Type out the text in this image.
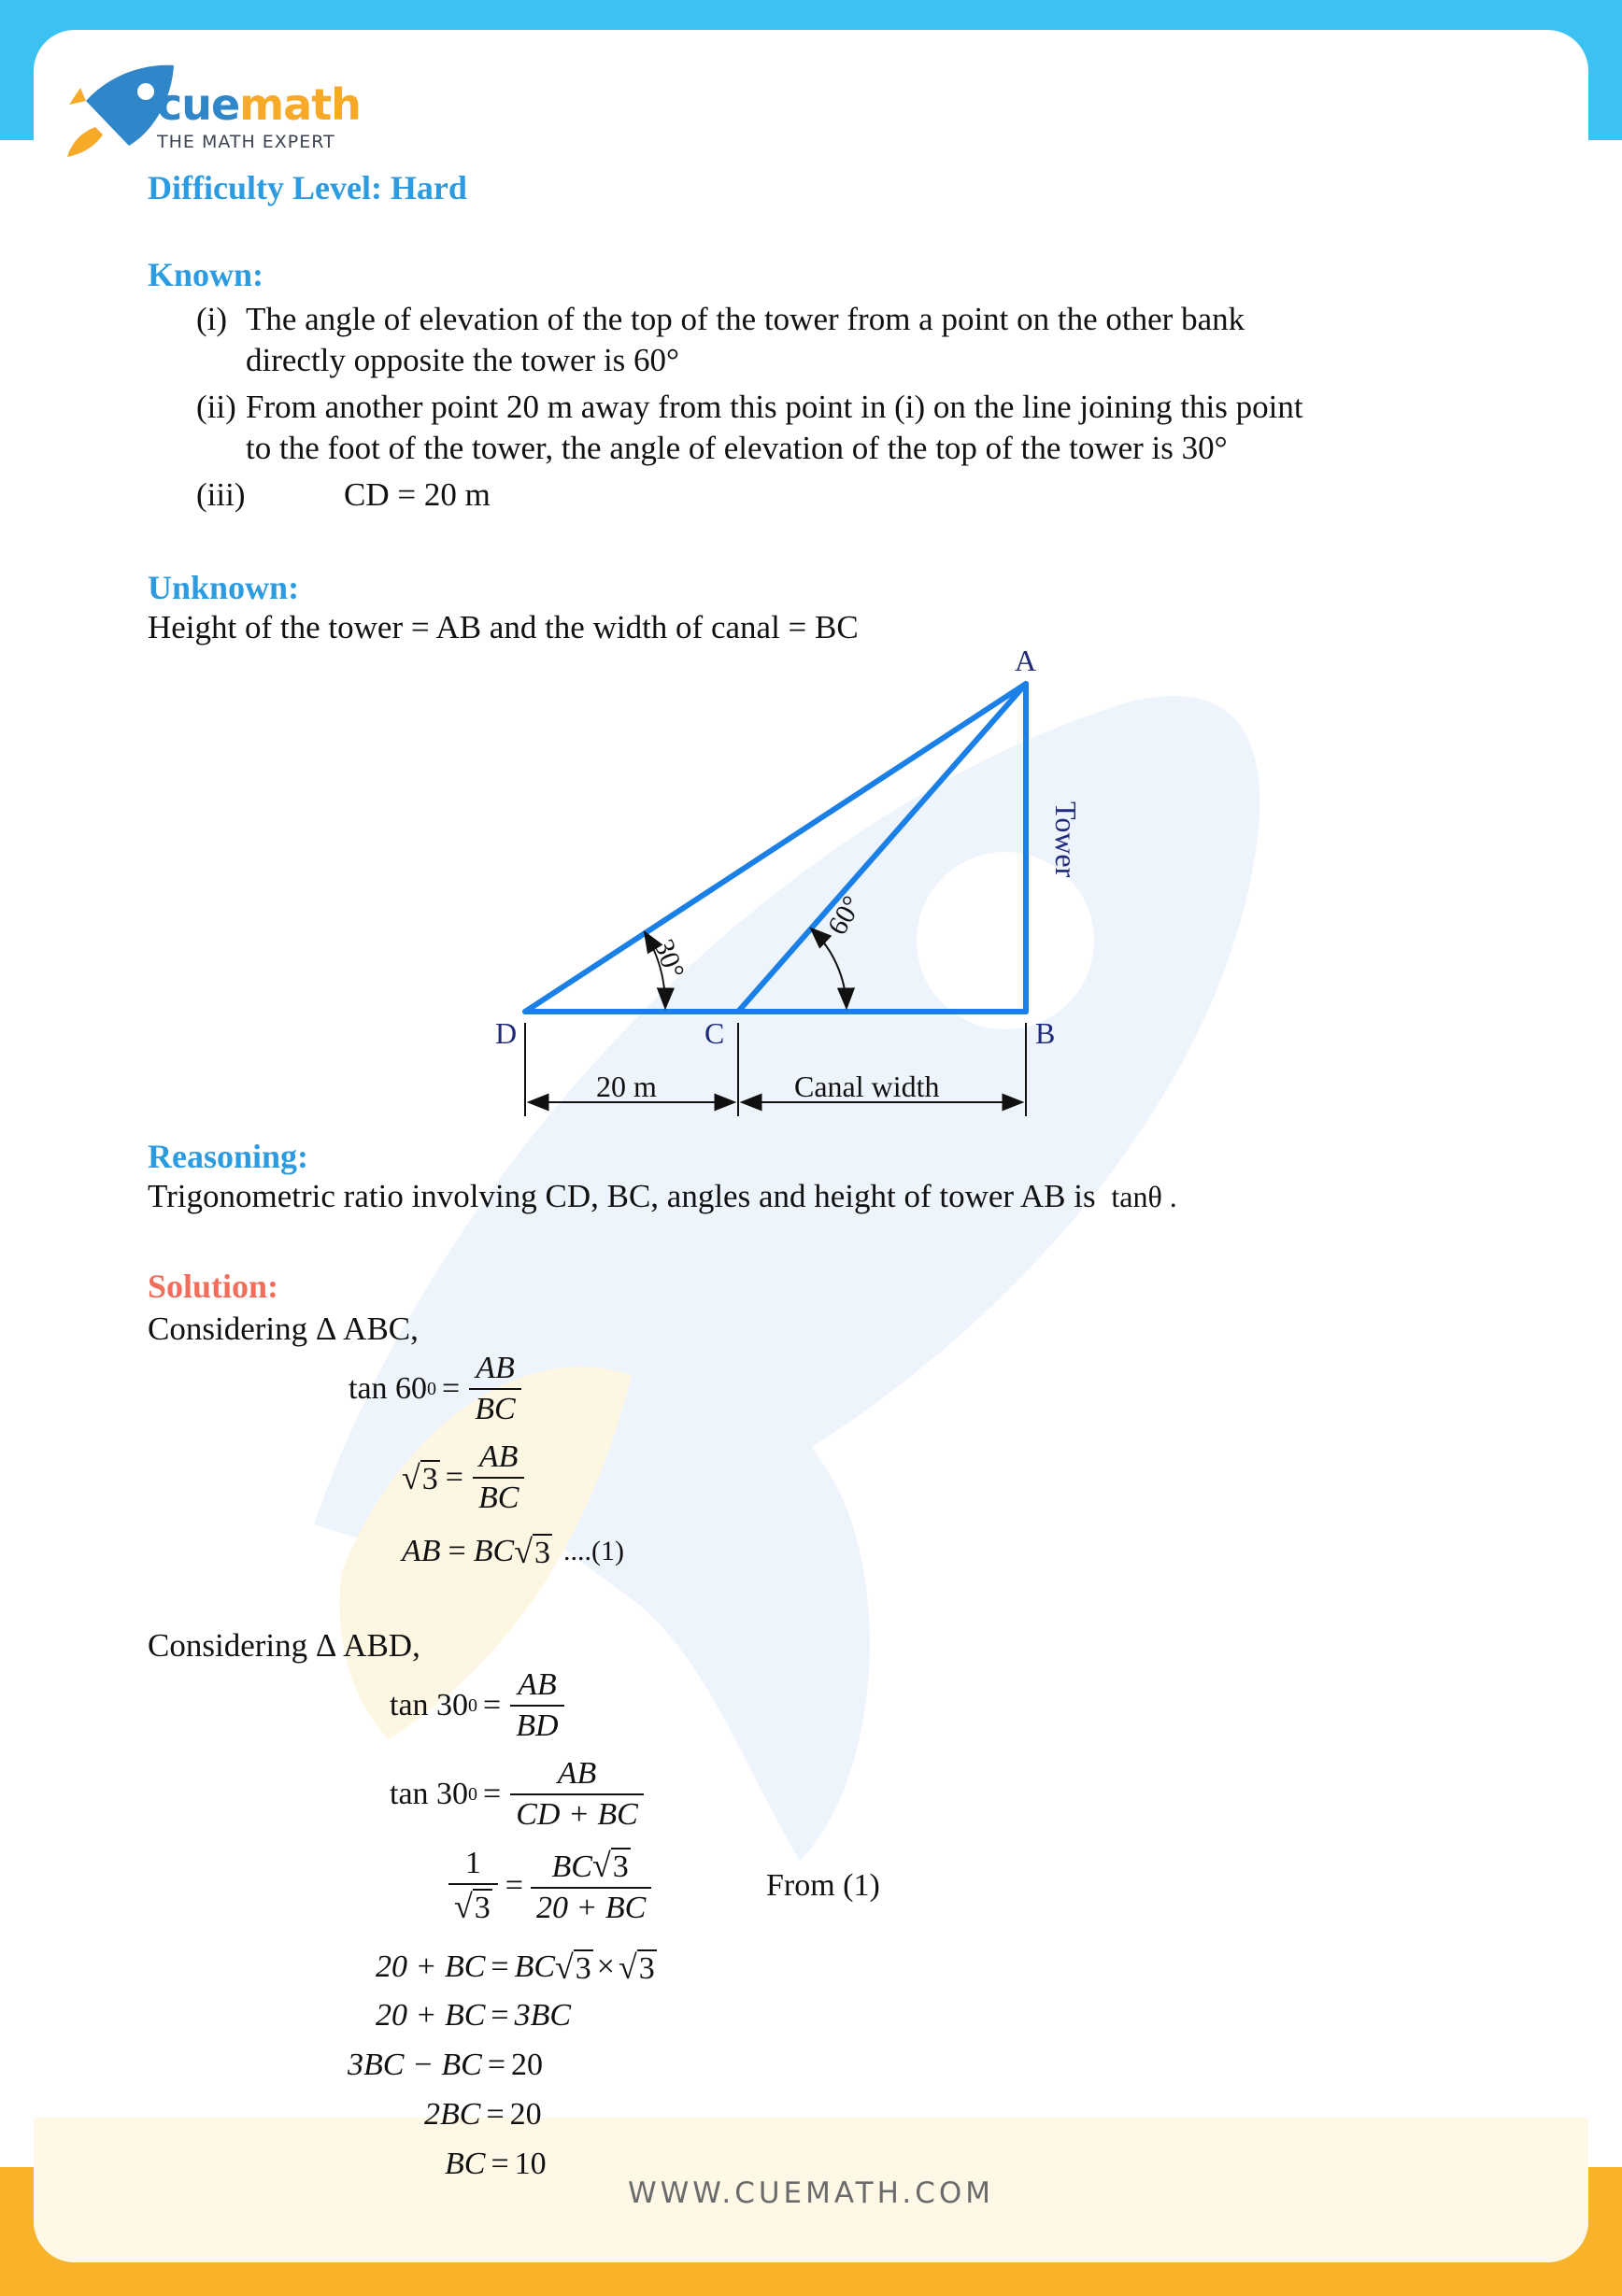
WWW.CUEMATH.COM
cuemath
THE MATH EXPERT
Difficulty Level: Hard
Known:
(i) The angle of elevation of the top of the tower from a point on the other bank
directly opposite the tower is 60°
(ii) From another point 20 m away from this point in (i) on the line joining this point
to the foot of the tower, the angle of elevation of the top of the tower is 30°
(iii)	CD = 20 m
Unknown:
Height of the tower = AB and the width of canal = BC
A
B
C
D
Tower
30°
60°
20 m	Canal width
Reasoning:
Trigonometric ratio involving CD, BC, angles and height of tower AB is tanθ .
Solution:
Considering Δ ABC,
tan 60 $0 = \frac{AB}{BC}$
$√3 = \frac{AB}{BC}$
AB = BC √3 ....(1)
Considering Δ ABD,
tan 30 $0 = \frac{AB}{BD}$
tan 30 $0 = \frac{AB}{CD + BC}$
$\frac{1}{√3} = \frac{BC√3}{20 + BC}$	From (1)
20 + BC = BC √3 × √3
20 + BC = 3BC
3BC − BC = 20
2BC = 20
BC = 10
